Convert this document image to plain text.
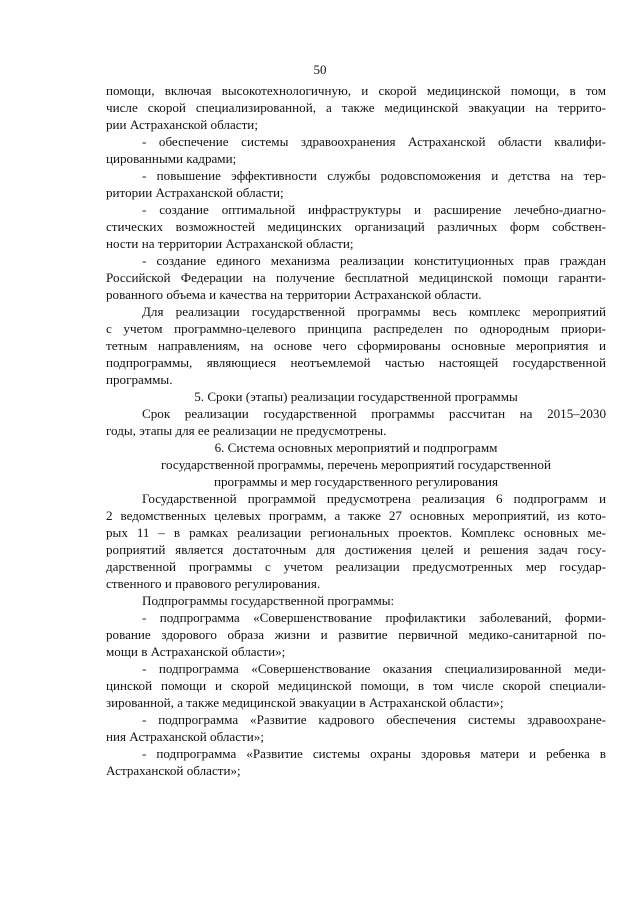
50
помощи, включая высокотехнологичную, и скорой медицинской помощи, в том
числе скорой специализированной, а также медицинской эвакуации на террито-
рии Астраханской области;
- обеспечение системы здравоохранения Астраханской области квалифи-
цированными кадрами;
- повышение эффективности службы родовспоможения и детства на тер-
ритории Астраханской области;
- создание оптимальной инфраструктуры и расширение лечебно-диагно-
стических возможностей медицинских организаций различных форм собствен-
ности на территории Астраханской области;
- создание единого механизма реализации конституционных прав граждан
Российской Федерации на получение бесплатной медицинской помощи гаранти-
рованного объема и качества на территории Астраханской области.
Для реализации государственной программы весь комплекс мероприятий
с учетом программно-целевого принципа распределен по однородным приори-
тетным направлениям, на основе чего сформированы основные мероприятия и
подпрограммы, являющиеся неотъемлемой частью настоящей государственной
программы.
5. Сроки (этапы) реализации государственной программы
Срок реализации государственной программы рассчитан на 2015–2030
годы, этапы для ее реализации не предусмотрены.
6. Система основных мероприятий и подпрограмм
государственной программы, перечень мероприятий государственной
программы и мер государственного регулирования
Государственной программой предусмотрена реализация 6 подпрограмм и
2 ведомственных целевых программ, а также 27 основных мероприятий, из кото-
рых 11 – в рамках реализации региональных проектов. Комплекс основных ме-
роприятий является достаточным для достижения целей и решения задач госу-
дарственной программы с учетом реализации предусмотренных мер государ-
ственного и правового регулирования.
Подпрограммы государственной программы:
- подпрограмма «Совершенствование профилактики заболеваний, форми-
рование здорового образа жизни и развитие первичной медико-санитарной по-
мощи в Астраханской области»;
- подпрограмма «Совершенствование оказания специализированной меди-
цинской помощи и скорой медицинской помощи, в том числе скорой специали-
зированной, а также медицинской эвакуации в Астраханской области»;
- подпрограмма «Развитие кадрового обеспечения системы здравоохране-
ния Астраханской области»;
- подпрограмма «Развитие системы охраны здоровья матери и ребенка в
Астраханской области»;
